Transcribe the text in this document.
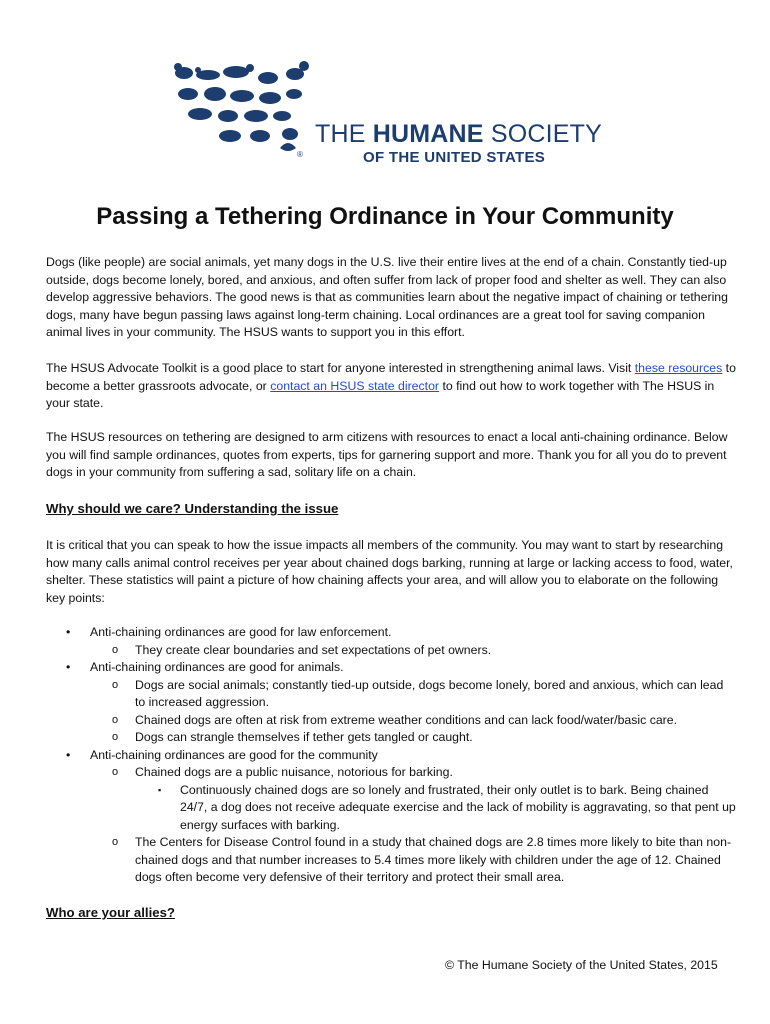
®
THE HUMANE SOCIETY
OF THE UNITED STATES
Passing a Tethering Ordinance in Your Community

Dogs (like people) are social animals, yet many dogs in the U.S. live their entire lives at the end of a chain. Constantly tied-up outside, dogs become lonely, bored, and anxious, and often suffer from lack of proper food and shelter as well. They can also develop aggressive behaviors. The good news is that as communities learn about the negative impact of chaining or tethering dogs, many have begun passing laws against long-term chaining. Local ordinances are a great tool for saving companion animal lives in your community. The HSUS wants to support you in this effort.

The HSUS Advocate Toolkit is a good place to start for anyone interested in strengthening animal laws. Visit these resources to become a better grassroots advocate, or contact an HSUS state director to find out how to work together with The HSUS in your state.

The HSUS resources on tethering are designed to arm citizens with resources to enact a local anti-chaining ordinance. Below you will find sample ordinances, quotes from experts, tips for garnering support and more. Thank you for all you do to prevent dogs in your community from suffering a sad, solitary life on a chain.

Why should we care? Understanding the issue

It is critical that you can speak to how the issue impacts all members of the community. You may want to start by researching how many calls animal control receives per year about chained dogs barking, running at large or lacking access to food, water, shelter. These statistics will paint a picture of how chaining affects your area, and will allow you to elaborate on the following key points:

• Anti-chaining ordinances are good for law enforcement.
o They create clear boundaries and set expectations of pet owners.
• Anti-chaining ordinances are good for animals.
o Dogs are social animals; constantly tied-up outside, dogs become lonely, bored and anxious, which can lead to increased aggression.
o Chained dogs are often at risk from extreme weather conditions and can lack food/water/basic care.
o Dogs can strangle themselves if tether gets tangled or caught.
• Anti-chaining ordinances are good for the community
o Chained dogs are a public nuisance, notorious for barking.
▪ Continuously chained dogs are so lonely and frustrated, their only outlet is to bark. Being chained 24/7, a dog does not receive adequate exercise and the lack of mobility is aggravating, so that pent up energy surfaces with barking.
o The Centers for Disease Control found in a study that chained dogs are 2.8 times more likely to bite than non-chained dogs and that number increases to 5.4 times more likely with children under the age of 12. Chained dogs often become very defensive of their territory and protect their small area.
Who are your allies?
© The Humane Society of the United States, 2015
